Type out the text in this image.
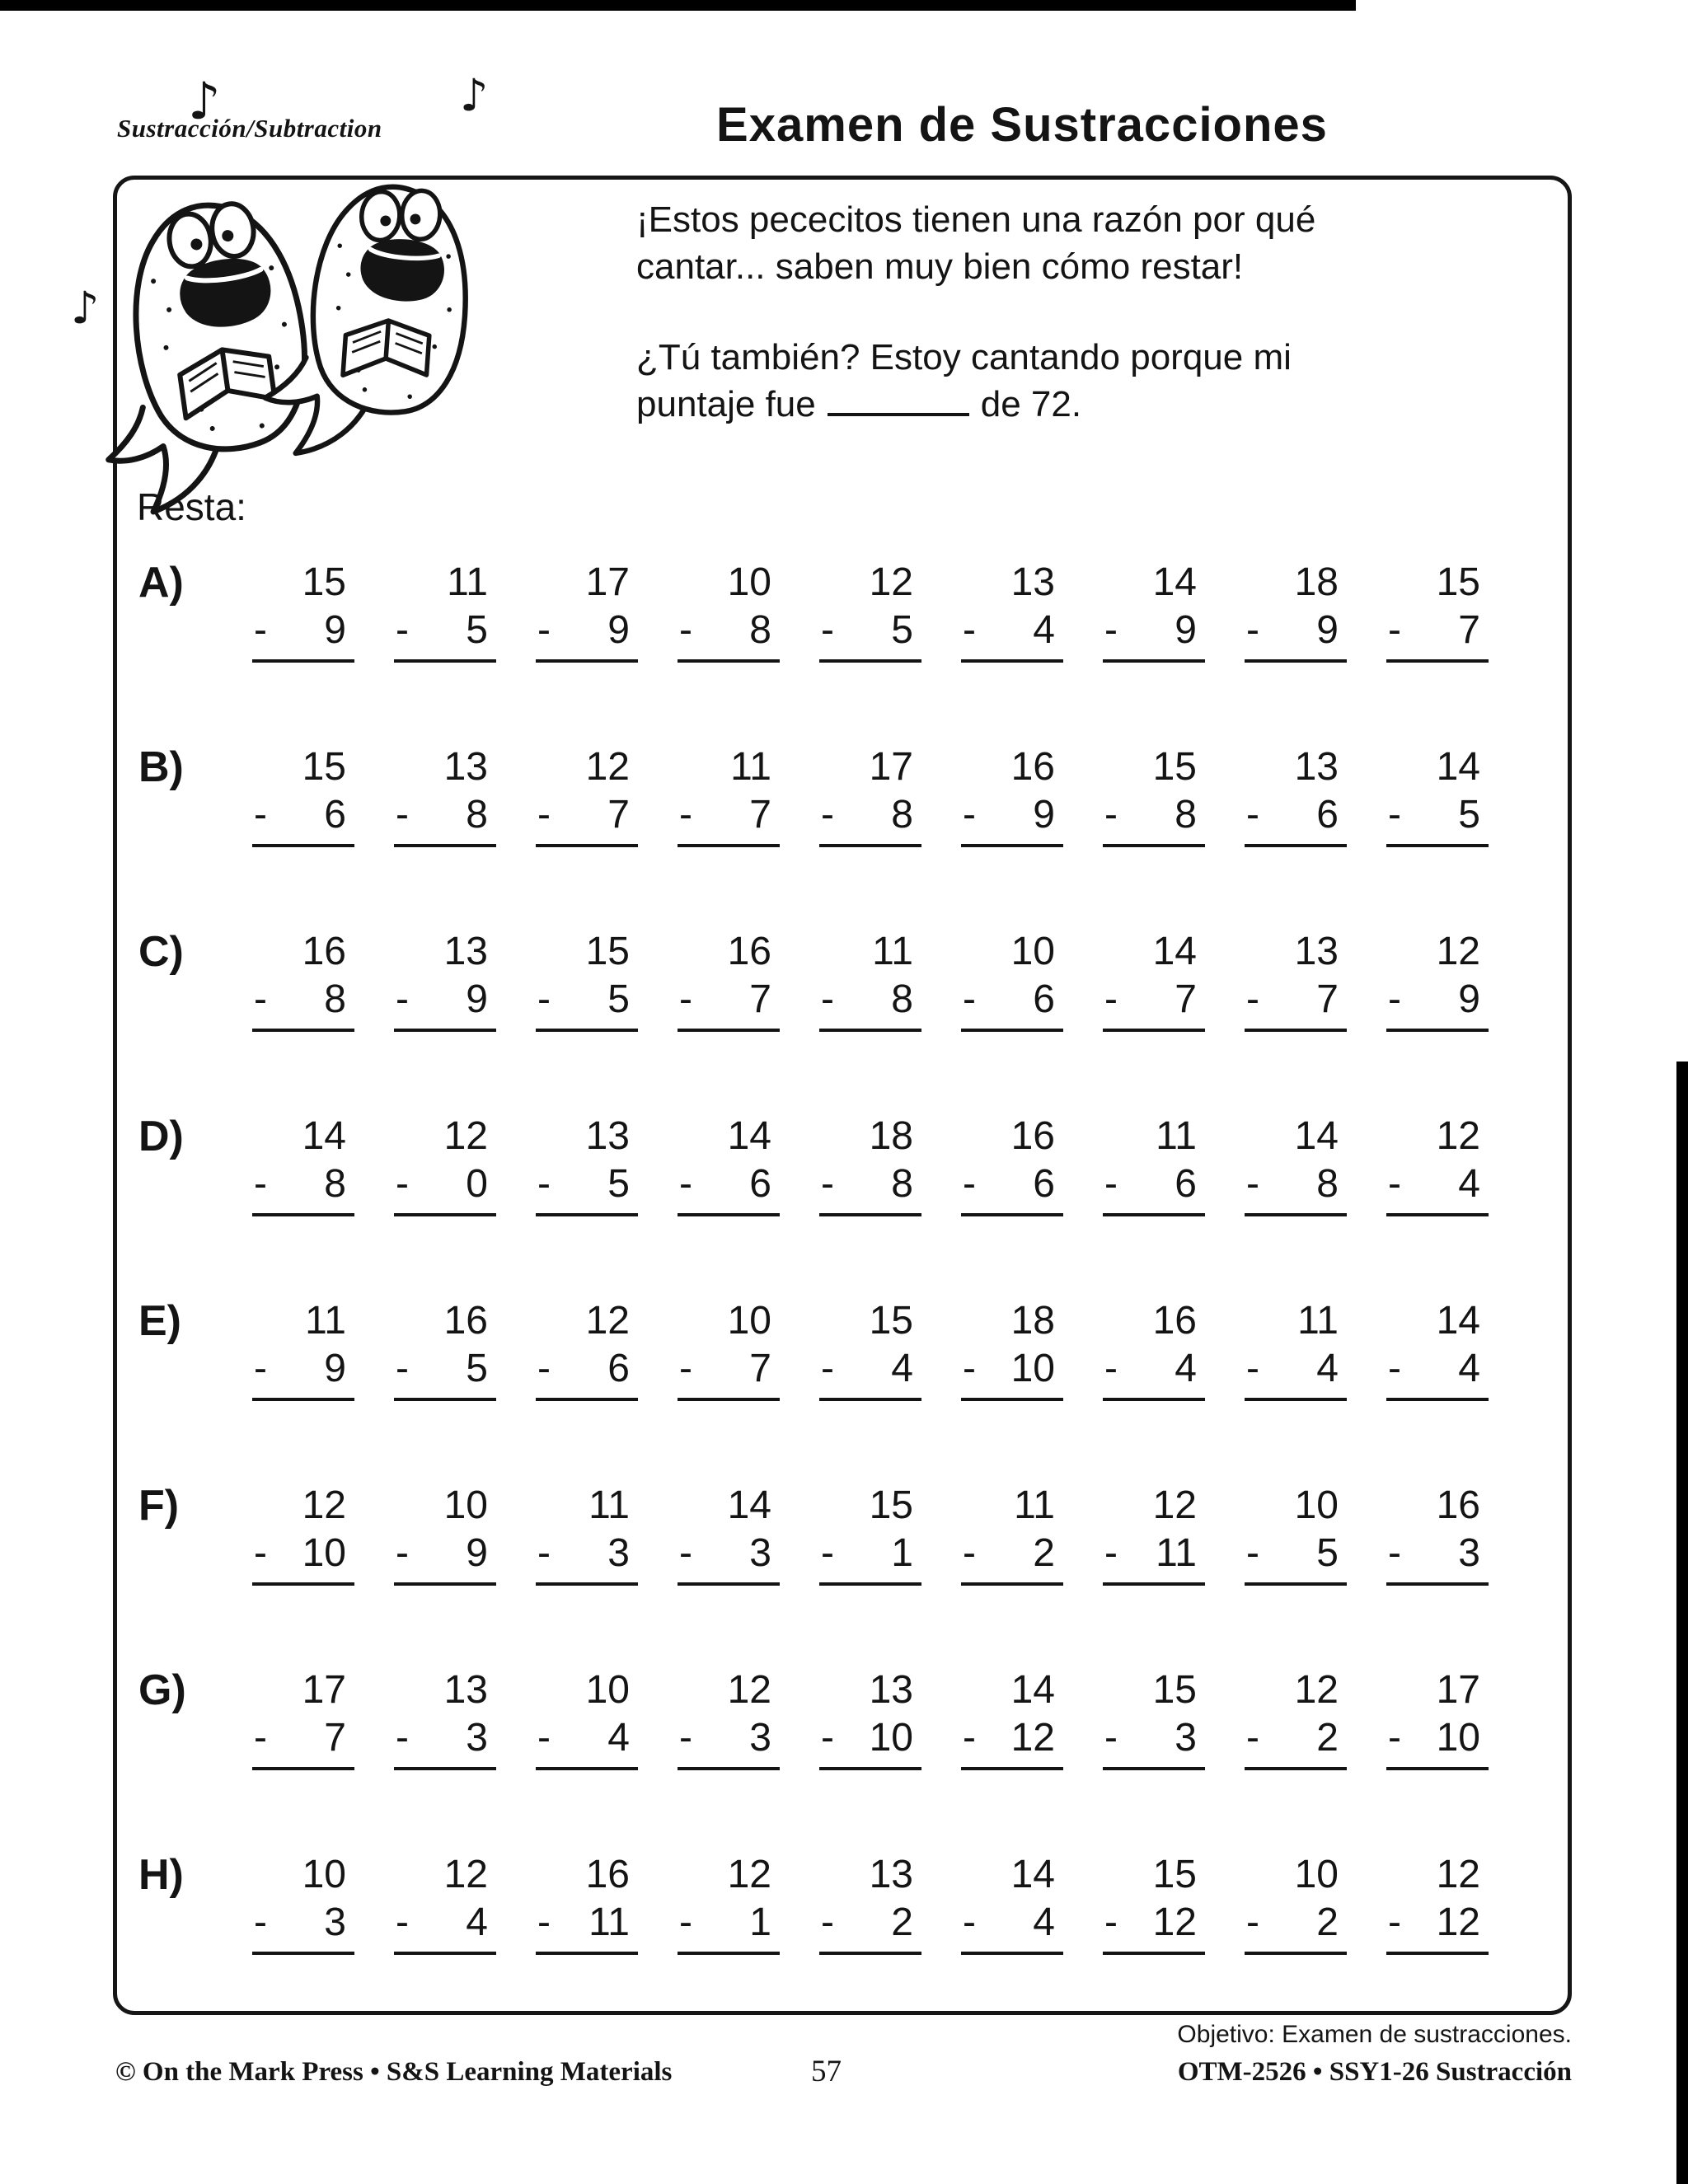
Sustracción/Subtraction	Examen de Sustracciones
♪	♪
♪

¡Estos pececitos tienen una razón por qué
cantar... saben muy bien cómo restar!

¿Tú también? Estoy cantando porque mi
puntaje fue	de 72.

Resta:
A)	15
- 9
11
- 5
17
- 9
10
- 8
12
- 5
13
- 4
14
- 9
18
- 9
15
- 7
B)	15
- 6
13
- 8
12
- 7
11
- 7
17
- 8
16
- 9
15
- 8
13
- 6
14
- 5
C)	16
- 8
13
- 9
15
- 5
16
- 7
11
- 8
10
- 6
14
- 7
13
- 7
12
- 9
D)	14
- 8
12
- 0
13
- 5
14
- 6
18
- 8
16
- 6
11
- 6
14
- 8
12
- 4
E)	11
- 9
16
- 5
12
- 6
10
- 7
15
- 4
18
- 10
16
- 4
11
- 4
14
- 4
F)	12
- 10
10
- 9
11
- 3
14
- 3
15
- 1
11
- 2
12
- 11
10
- 5
16
- 3
G)	17
- 7
13
- 3
10
- 4
12
- 3
13
- 10
14
- 12
15
- 3
12
- 2
17
- 10
H)	10
- 3
12
- 4
16
- 11
12
- 1
13
- 2
14
- 4
15
- 12
10
- 2
12
- 12
Objetivo: Examen de sustracciones.
© On the Mark Press • S&S Learning Materials	57	OTM-2526 • SSY1-26 Sustracción
